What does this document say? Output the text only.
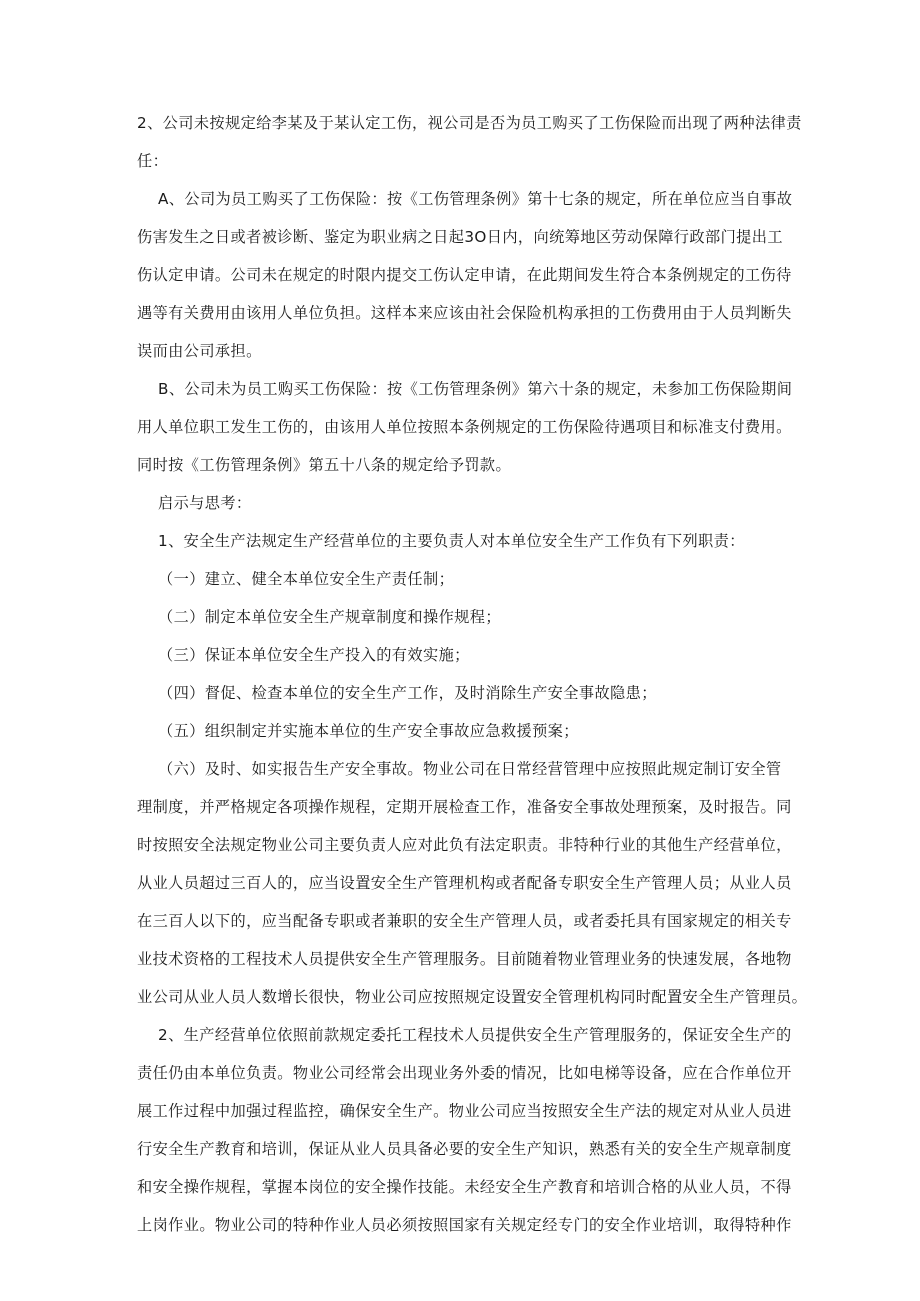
2、公司未按规定给李某及于某认定工伤，视公司是否为员工购买了工伤保险而出现了两种法律责
任：
A、公司为员工购买了工伤保险：按《工伤管理条例》第十七条的规定，所在单位应当自事故
伤害发生之日或者被诊断、鉴定为职业病之日起3O日内，向统筹地区劳动保障行政部门提出工
伤认定申请。公司未在规定的时限内提交工伤认定申请，在此期间发生符合本条例规定的工伤待
遇等有关费用由该用人单位负担。这样本来应该由社会保险机构承担的工伤费用由于人员判断失
误而由公司承担。
B、公司未为员工购买工伤保险：按《工伤管理条例》第六十条的规定，未参加工伤保险期间
用人单位职工发生工伤的，由该用人单位按照本条例规定的工伤保险待遇项目和标准支付费用。
同时按《工伤管理条例》第五十八条的规定给予罚款。
启示与思考：
1、安全生产法规定生产经营单位的主要负责人对本单位安全生产工作负有下列职责：
（一）建立、健全本单位安全生产责任制；
（二）制定本单位安全生产规章制度和操作规程；
（三）保证本单位安全生产投入的有效实施；
（四）督促、检查本单位的安全生产工作，及时消除生产安全事故隐患；
（五）组织制定并实施本单位的生产安全事故应急救援预案；
（六）及时、如实报告生产安全事故。物业公司在日常经营管理中应按照此规定制订安全管
理制度，并严格规定各项操作规程，定期开展检查工作，准备安全事故处理预案，及时报告。同
时按照安全法规定物业公司主要负责人应对此负有法定职责。非特种行业的其他生产经营单位，
从业人员超过三百人的，应当设置安全生产管理机构或者配备专职安全生产管理人员；从业人员
在三百人以下的，应当配备专职或者兼职的安全生产管理人员，或者委托具有国家规定的相关专
业技术资格的工程技术人员提供安全生产管理服务。目前随着物业管理业务的快速发展，各地物
业公司从业人员人数增长很快，物业公司应按照规定设置安全管理机构同时配置安全生产管理员。
2、生产经营单位依照前款规定委托工程技术人员提供安全生产管理服务的，保证安全生产的
责任仍由本单位负责。物业公司经常会出现业务外委的情况，比如电梯等设备，应在合作单位开
展工作过程中加强过程监控，确保安全生产。物业公司应当按照安全生产法的规定对从业人员进
行安全生产教育和培训，保证从业人员具备必要的安全生产知识，熟悉有关的安全生产规章制度
和安全操作规程，掌握本岗位的安全操作技能。未经安全生产教育和培训合格的从业人员，不得
上岗作业。物业公司的特种作业人员必须按照国家有关规定经专门的安全作业培训，取得特种作
